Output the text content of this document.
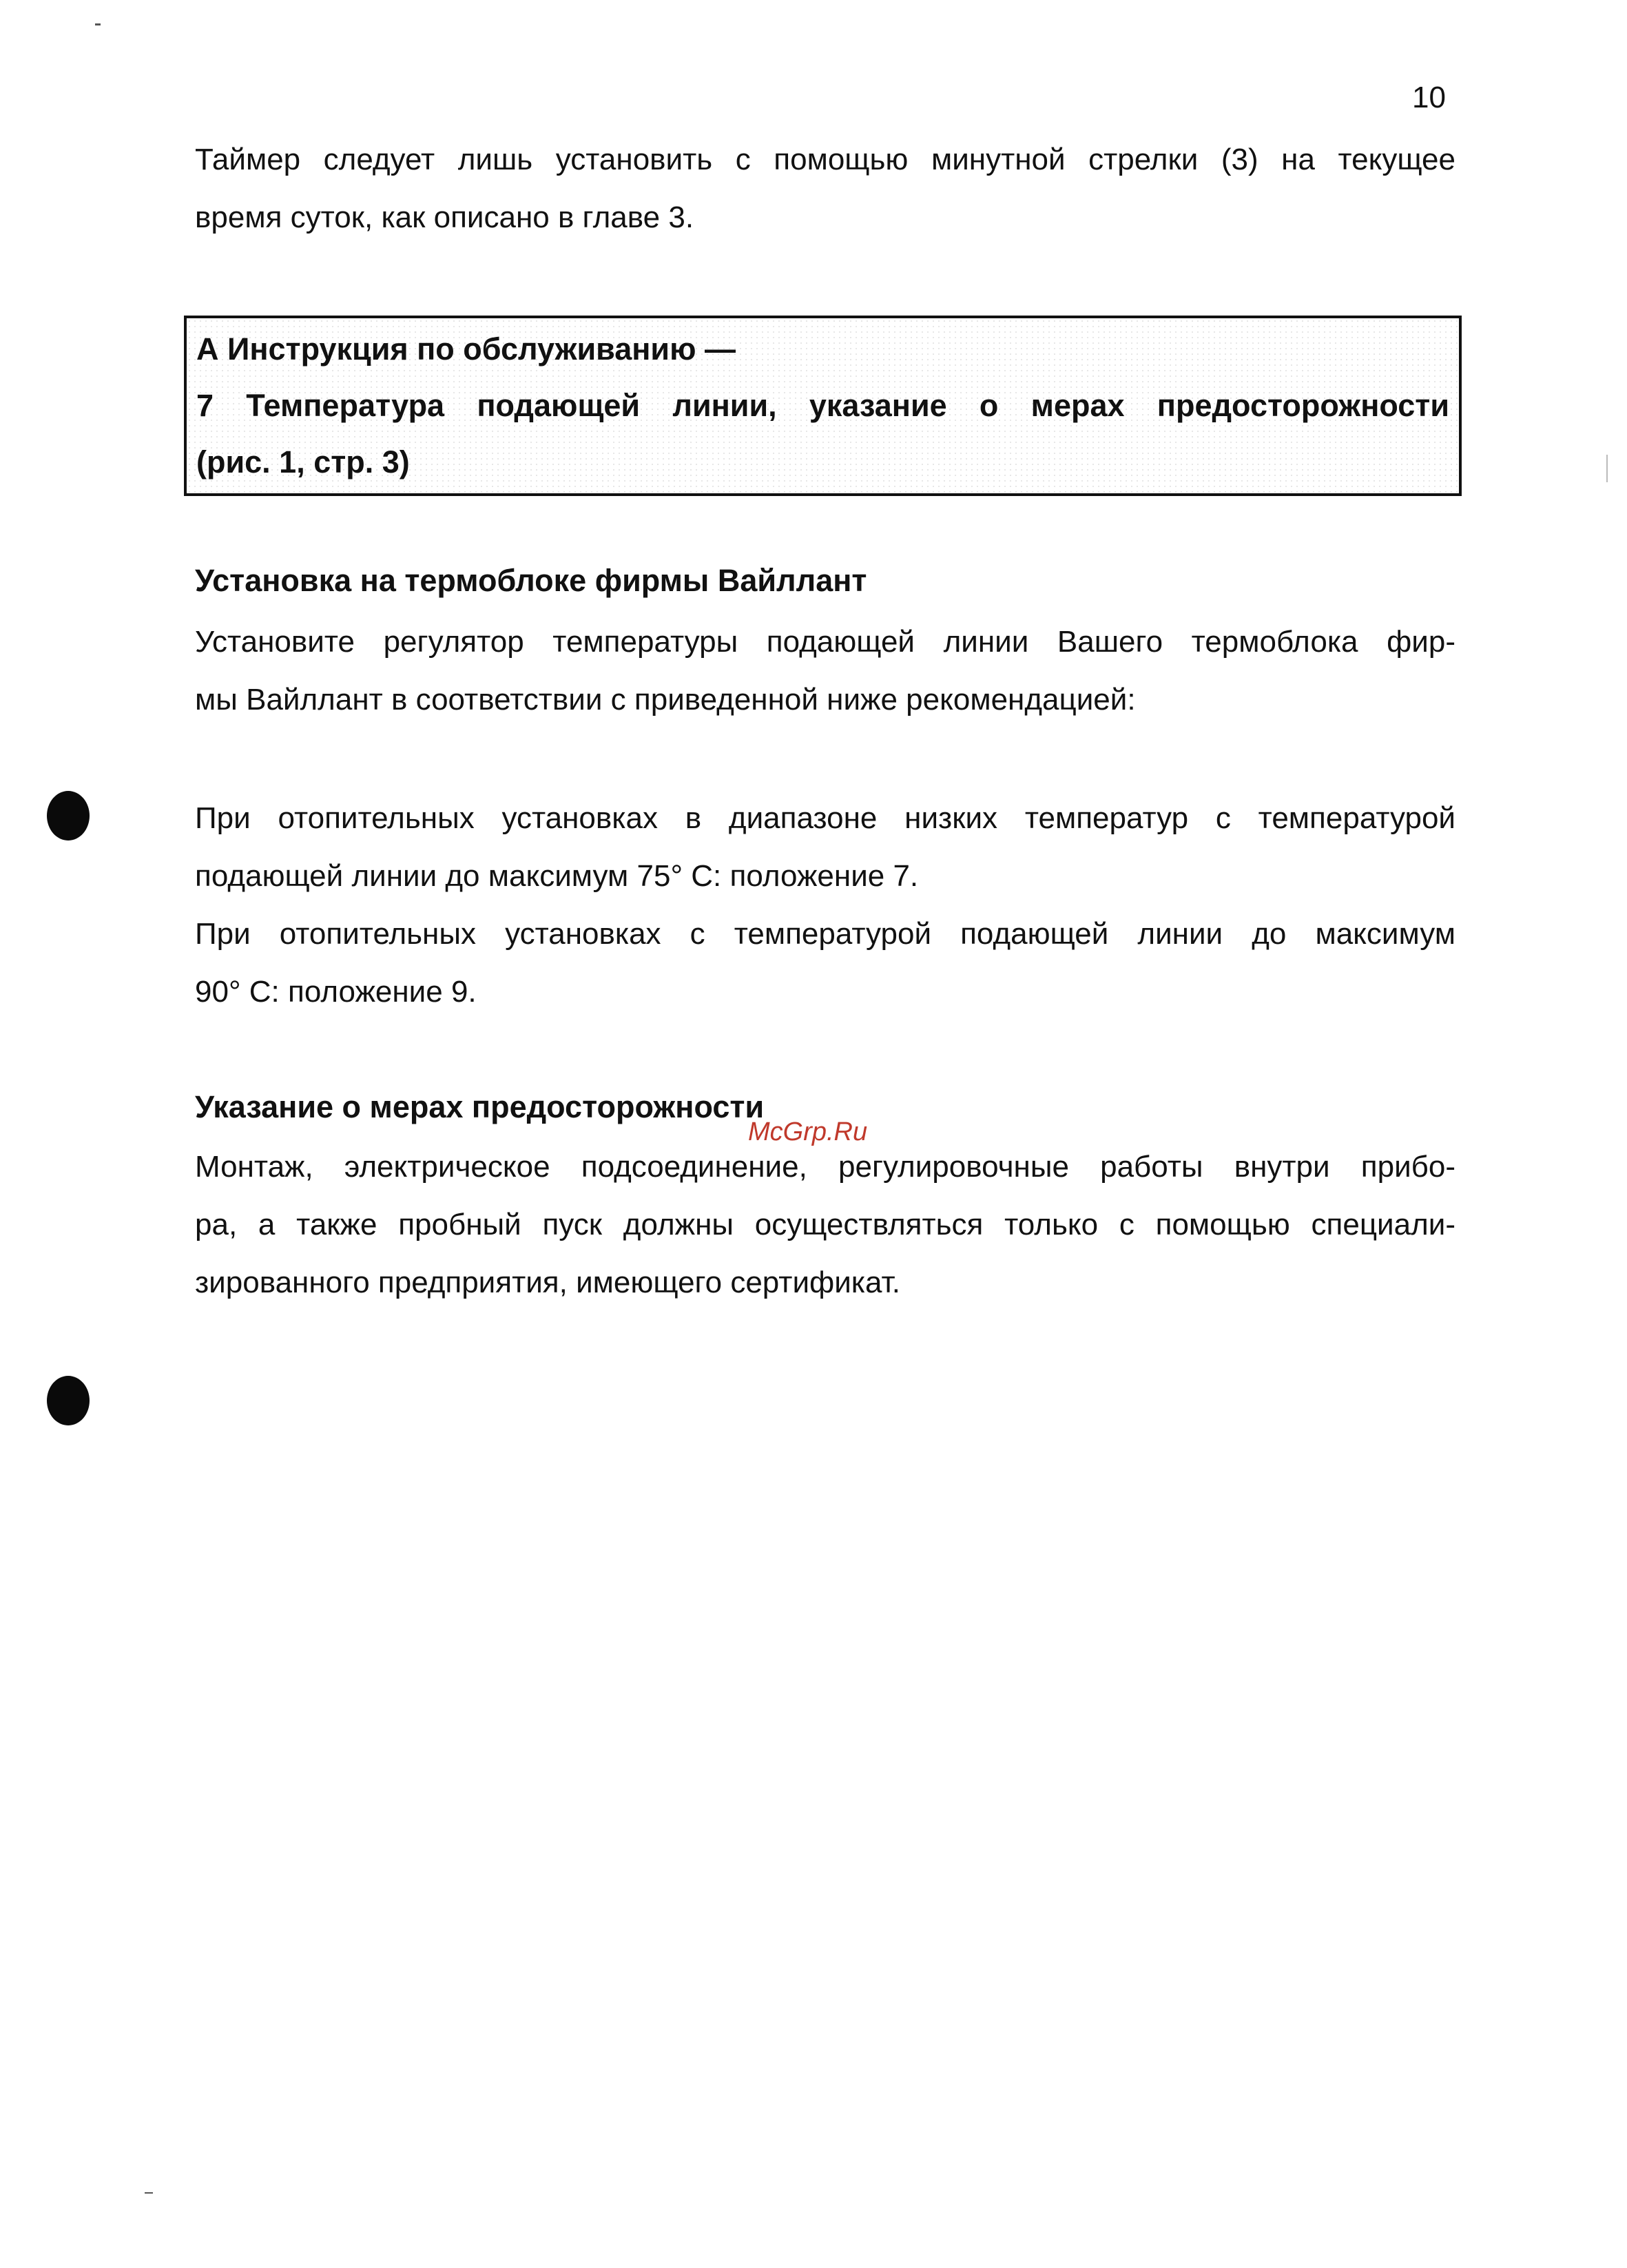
10

Таймер следует лишь установить с помощью минутной стрелки (3) на текущее
время суток, как описано в главе 3.

А Инструкция по обслуживанию —
7 Температура подающей линии, указание о мерах предосторожности
(рис. 1, стр. 3)
Установка на термоблоке фирмы Вайллант

Установите регулятор температуры подающей линии Вашего термоблока фир-
мы Вайллант в соответствии с приведенной ниже рекомендацией:

При отопительных установках в диапазоне низких температур с температурой
подающей линии до максимум 75° С: положение 7.

При отопительных установках с температурой подающей линии до максимум
90° С: положение 9.

Указание о мерах предосторожности
McGrp.Ru

Монтаж, электрическое подсоединение, регулировочные работы внутри прибо-
ра, а также пробный пуск должны осуществляться только с помощью специали-
зированного предприятия, имеющего сертификат.
